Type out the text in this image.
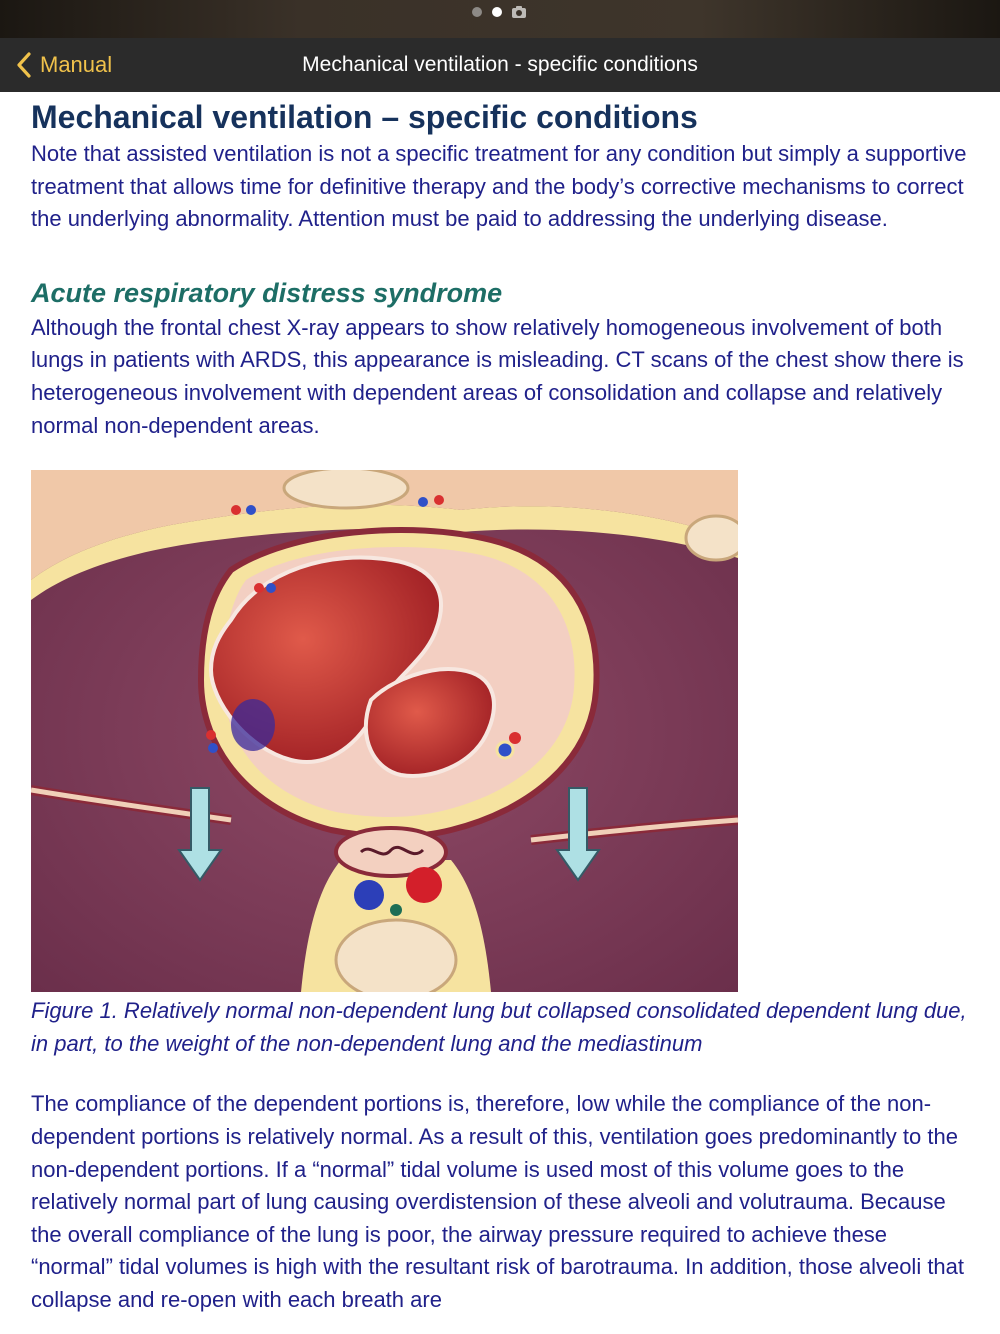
Manual	Mechanical ventilation - specific conditions
Mechanical ventilation – specific conditions

Note that assisted ventilation is not a specific treatment for any condition but simply a supportive treatment that allows time for definitive therapy and the body’s corrective mechanisms to correct the underlying abnormality. Attention must be paid to addressing the underlying disease.

Acute respiratory distress syndrome

Although the frontal chest X-ray appears to show relatively homogeneous involvement of both lungs in patients with ARDS, this appearance is misleading. CT scans of the chest show there is heterogeneous involvement with dependent areas of consolidation and collapse and relatively normal non-dependent areas.

Figure 1. Relatively normal non-dependent lung but collapsed consolidated dependent lung due, in part, to the weight of the non-dependent lung and the mediastinum

The compliance of the dependent portions is, therefore, low while the compliance of the non-dependent portions is relatively normal. As a result of this, ventilation goes predominantly to the non-dependent portions. If a “normal” tidal volume is used most of this volume goes to the relatively normal part of lung causing overdistension of these alveoli and volutrauma. Because the overall compliance of the lung is poor, the airway pressure required to achieve these “normal” tidal volumes is high with the resultant risk of barotrauma. In addition, those alveoli that collapse and re-open with each breath are
